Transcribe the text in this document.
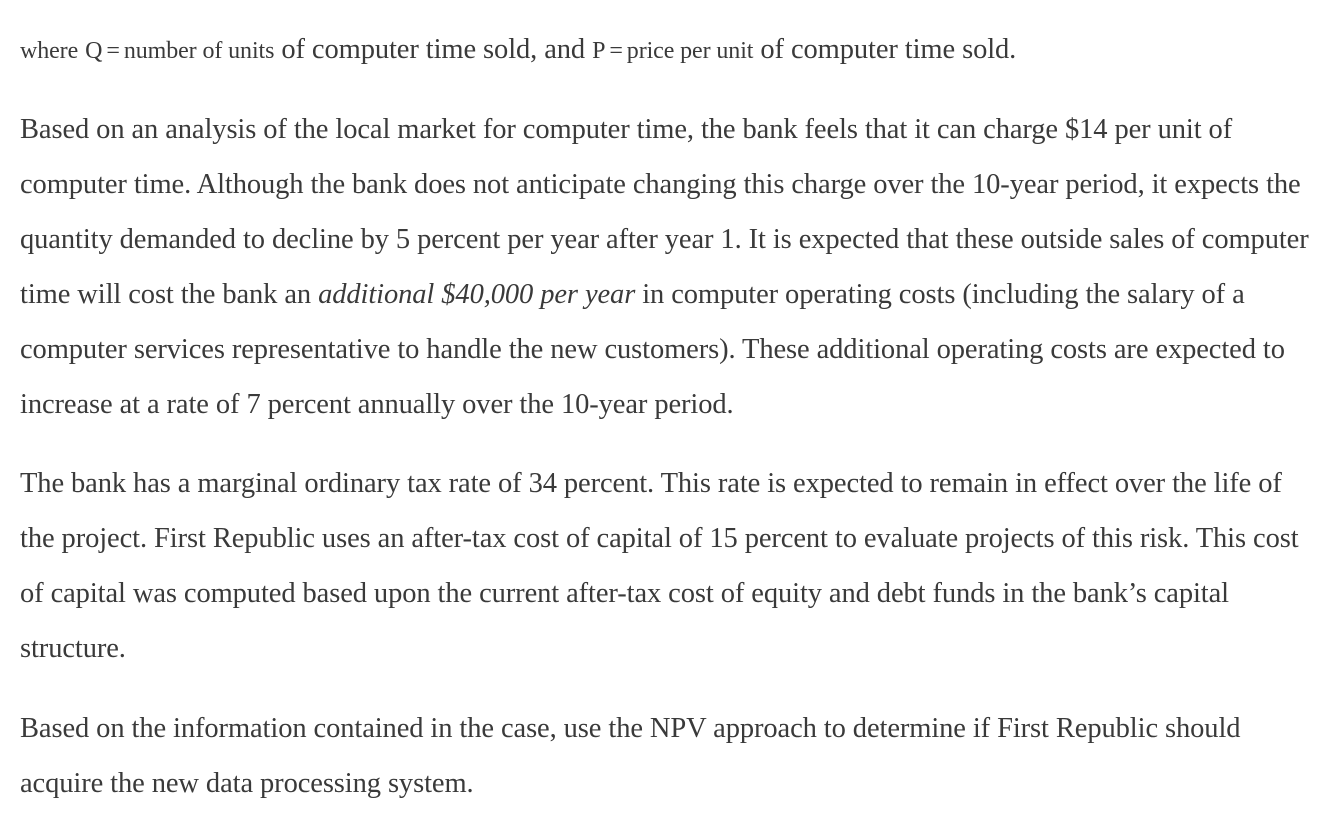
where Q = number of units of computer time sold, and P = price per unit of computer time sold.

Based on an analysis of the local market for computer time, the bank feels that it can charge $14 per unit of computer time. Although the bank does not anticipate changing this charge over the 10-year period, it expects the quantity demanded to decline by 5 percent per year after year 1. It is expected that these outside sales of computer time will cost the bank an additional $40,000 per year in computer operating costs (including the salary of a computer services representative to handle the new customers). These additional operating costs are expected to increase at a rate of 7 percent annually over the 10-year period.

The bank has a marginal ordinary tax rate of 34 percent. This rate is expected to remain in effect over the life of the project. First Republic uses an after-tax cost of capital of 15 percent to evaluate projects of this risk. This cost of capital was computed based upon the current after-tax cost of equity and debt funds in the bank’s capital structure.

Based on the information contained in the case, use the NPV approach to determine if First Republic should acquire the new data processing system.
